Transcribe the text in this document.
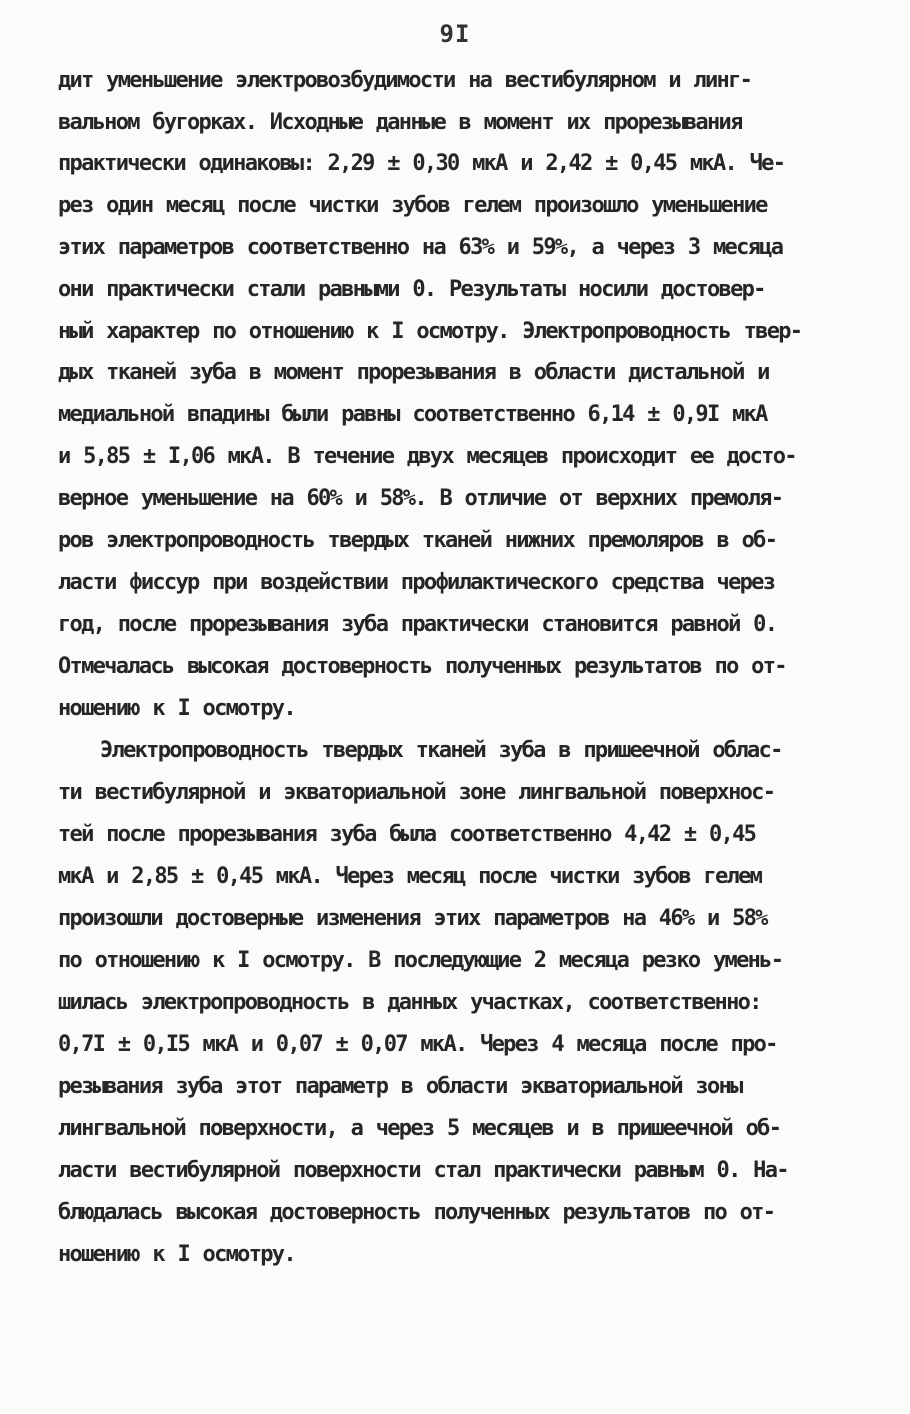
9I
дит уменьшение электровозбудимости на вестибулярном и линг-
вальном бугорках. Исходные данные в момент их прорезывания
практически одинаковы: 2,29 ± 0,30 мкА и 2,42 ± 0,45 мкА. Че-
рез один месяц после чистки зубов гелем произошло уменьшение
этих параметров соответственно на 63% и 59%, а через 3 месяца
они практически стали равными 0. Результаты носили достовер-
ный характер по отношению к I осмотру. Электропроводность твер-
дых тканей зуба в момент прорезывания в области дистальной и
медиальной впадины были равны соответственно 6,14 ± 0,9I мкА
и 5,85 ± I,06 мкА. В течение двух месяцев происходит ее досто-
верное уменьшение на 60% и 58%. В отличие от верхних премоля-
ров электропроводность твердых тканей нижних премоляров в об-
ласти фиссур при воздействии профилактического средства через
год, после прорезывания зуба практически становится равной 0.
Отмечалась высокая достоверность полученных результатов по от-
ношению к I осмотру.
Электропроводность твердых тканей зуба в пришеечной облас-
ти вестибулярной и экваториальной зоне лингвальной поверхнос-
тей после прорезывания зуба была соответственно 4,42 ± 0,45
мкА и 2,85 ± 0,45 мкА. Через месяц после чистки зубов гелем
произошли достоверные изменения этих параметров на 46% и 58%
по отношению к I осмотру. В последующие 2 месяца резко умень-
шилась электропроводность в данных участках, соответственно:
0,7I ± 0,I5 мкА и 0,07 ± 0,07 мкА. Через 4 месяца после про-
резывания зуба этот параметр в области экваториальной зоны
лингвальной поверхности, а через 5 месяцев и в пришеечной об-
ласти вестибулярной поверхности стал практически равным 0. На-
блюдалась высокая достоверность полученных результатов по от-
ношению к I осмотру.
